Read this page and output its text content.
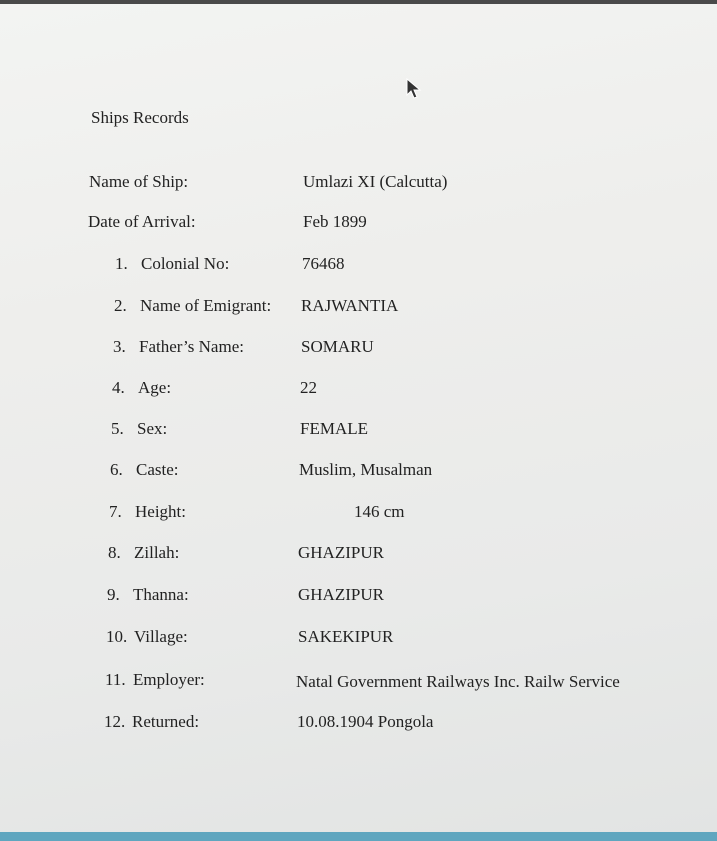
Ships Records
Name of Ship:	Umlazi XI (Calcutta)
Date of Arrival:	Feb 1899
1. Colonial No:	76468
2. Name of Emigrant: RAJWANTIA
3. Father’s Name:	SOMARU
4. Age:	22
5. Sex:	FEMALE
6. Caste:	Muslim, Musalman
7. Height:	146 cm
8. Zillah:	GHAZIPUR
9. Thanna:	GHAZIPUR
10. Village:	SAKEKIPUR
11. Employer:	Natal Government Railways Inc. Railw Service
12. Returned:	10.08.1904 Pongola
